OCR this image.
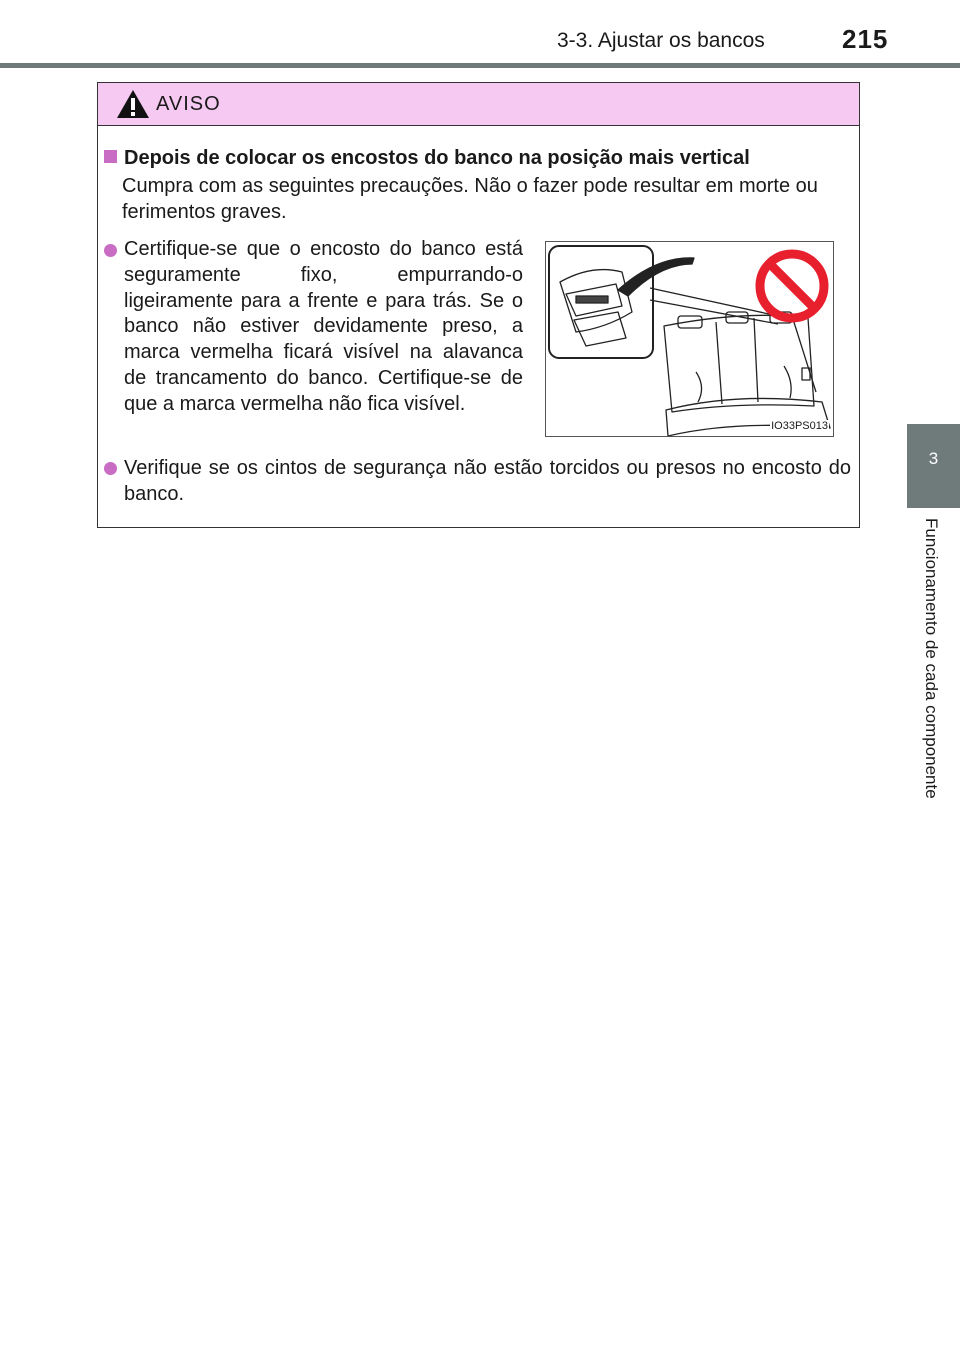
3-3. Ajustar os bancos	215
3
Funcionamento de cada componente
AVISO
Depois de colocar os encostos do banco na posição mais vertical
Cumpra com as seguintes precauções. Não o fazer pode resultar em morte ou ferimentos graves.
Certifique-se que o encosto do banco está seguramente fixo, empurrando-o ligeiramente para a frente e para trás. Se o banco não estiver devidamente preso, a marca vermelha ficará visível na alavanca de trancamento do banco. Certifique-se de que a marca vermelha não fica visível.
IO33PS013
Verifique se os cintos de segurança não estão torcidos ou presos no encosto do banco.
